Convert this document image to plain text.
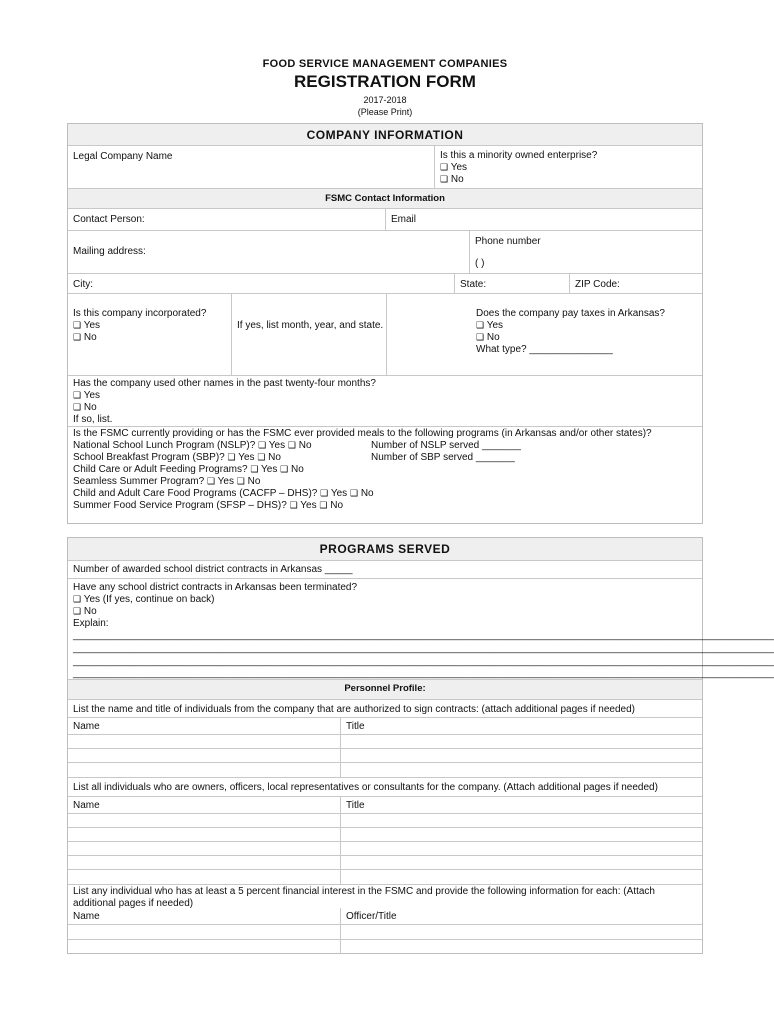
FOOD SERVICE MANAGEMENT COMPANIES
REGISTRATION FORM
2017-2018
(Please Print)
COMPANY INFORMATION
Legal Company Name	Is this a minority owned enterprise?
❑ Yes
❑ No
FSMC Contact Information
Contact Person:	Email
Mailing address:
Phone number
( )
City:	State:	ZIP Code:
Is this company incorporated?
❑ Yes
❑ No
If yes, list month, year, and state.
Does the company pay taxes in Arkansas?
❑ Yes
❑ No
What type? _______________
Has the company used other names in the past twenty-four months?
❑ Yes
❑ No
If so, list.
Is the FSMC currently providing or has the FSMC ever provided meals to the following programs (in Arkansas and/or other states)?
National School Lunch Program (NSLP)? ❑ Yes ❑ No	Number of NSLP served _______
School Breakfast Program (SBP)? ❑ Yes ❑ No	Number of SBP served _______
Child Care or Adult Feeding Programs? ❑ Yes ❑ No
Seamless Summer Program? ❑ Yes ❑ No
Child and Adult Care Food Programs (CACFP – DHS)? ❑ Yes ❑ No
Summer Food Service Program (SFSP – DHS)? ❑ Yes ❑ No
PROGRAMS SERVED
Number of awarded school district contracts in Arkansas _____
Have any school district contracts in Arkansas been terminated?
❑ Yes (If yes, continue on back)
❑ No
Explain:
______________________________________________________________________________________________________________________________
______________________________________________________________________________________________________________________________
______________________________________________________________________________________________________________________________
______________________________________________________________________________________________________________________________
Personnel Profile:
List the name and title of individuals from the company that are authorized to sign contracts: (attach additional pages if needed)
Name	Title
List all individuals who are owners, officers, local representatives or consultants for the company. (Attach additional pages if needed)
Name	Title
List any individual who has at least a 5 percent financial interest in the FSMC and provide the following information for each: (Attach
additional pages if needed)
Name	Officer/Title
